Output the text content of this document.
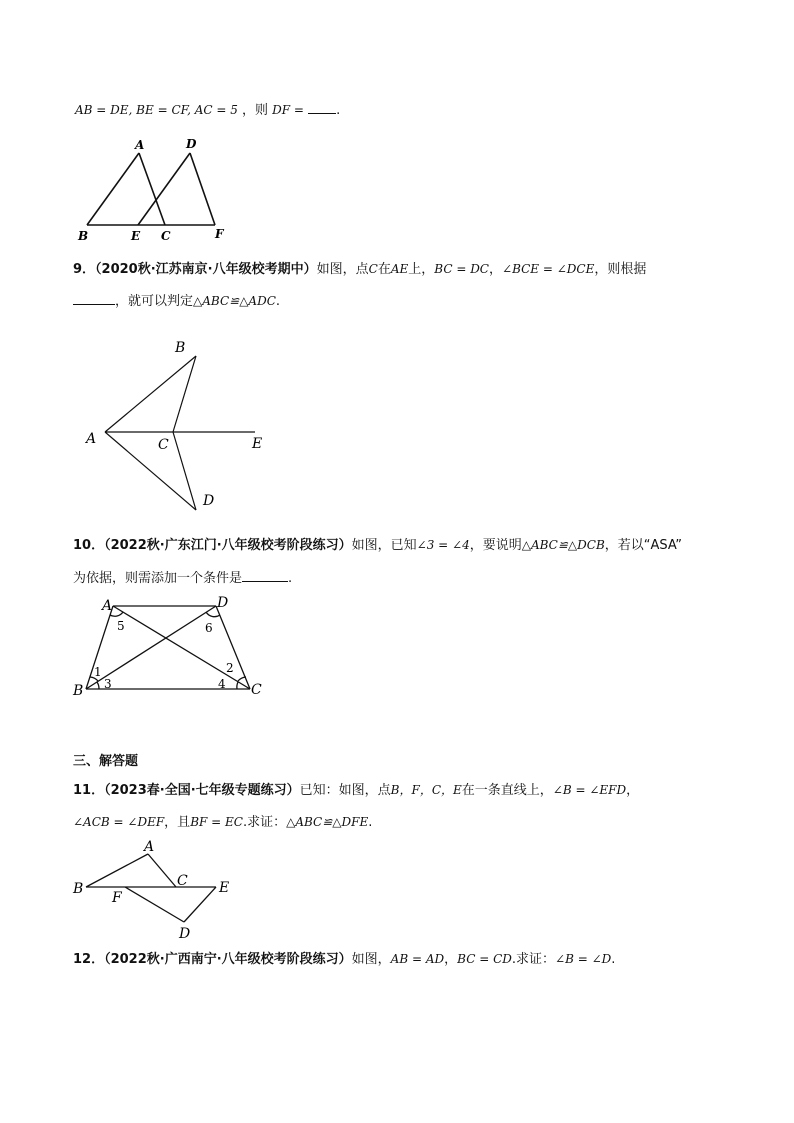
AB = DE, BE = CF, AC = 5 ，则 DF = .
A	D
B	E C	F
9．（2020秋·江苏南京·八年级校考期中）如图，点C在AE上，BC = DC，∠BCE = ∠DCE，则根据
，就可以判定△ABC≌△ADC.
B
A	C	E
D
10．（2022秋·广东江门·八年级校考阶段练习）如图，已知∠3 = ∠4，要说明△ABC≌△DCB，若以“ASA”
为依据，则需添加一个条件是	.
A	D
B	C
5	6
1
3
2
4
三、解答题
11．（2023春·全国·七年级专题练习）已知：如图，点B，F，C，E在一条直线上，∠B = ∠EFD，
∠ACB = ∠DEF，且BF = EC.求证：△ABC≌△DFE.
A
B	C E
F
D
12．（2022秋·广西南宁·八年级校考阶段练习）如图，AB = AD，BC = CD.求证：∠B = ∠D.
